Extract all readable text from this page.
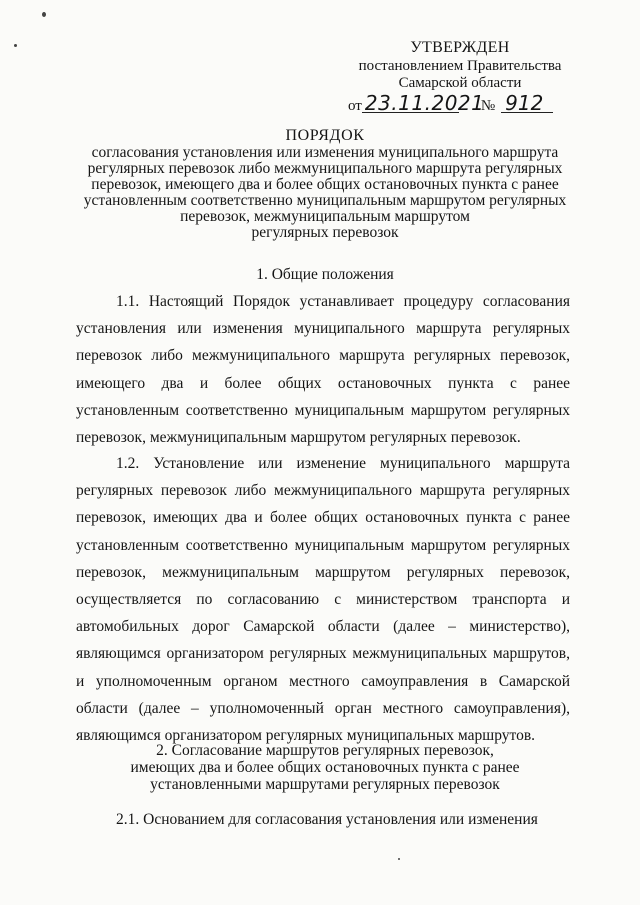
УТВЕРЖДЕН
постановлением Правительства
Самарской области
от 23.11.2021№ 912
ПОРЯДОК
согласования установления или изменения муниципального маршрута
регулярных перевозок либо межмуниципального маршрута регулярных
перевозок, имеющего два и более общих остановочных пункта с ранее
установленным соответственно муниципальным маршрутом регулярных
перевозок, межмуниципальным маршрутом
регулярных перевозок
1. Общие положения
1.1. Настоящий Порядок устанавливает процедуру согласования установления или изменения муниципального маршрута регулярных перевозок либо межмуниципального маршрута регулярных перевозок, имеющего два и более общих остановочных пункта с ранее установленным соответственно муниципальным маршрутом регулярных перевозок, межмуниципальным маршрутом регулярных перевозок.
1.2. Установление или изменение муниципального маршрута регулярных перевозок либо межмуниципального маршрута регулярных перевозок, имеющих два и более общих остановочных пункта с ранее установленным соответственно муниципальным маршрутом регулярных перевозок, межмуниципальным маршрутом регулярных перевозок, осуществляется по согласованию с министерством транспорта и автомобильных дорог Самарской области (далее – министерство), являющимся организатором регулярных межмуниципальных маршрутов, и уполномоченным органом местного самоуправления в Самарской области (далее – уполномоченный орган местного самоуправления), являющимся организатором регулярных муниципальных маршрутов.
2. Согласование маршрутов регулярных перевозок,
имеющих два и более общих остановочных пункта с ранее
установленными маршрутами регулярных перевозок
2.1. Основанием для согласования установления или изменения
